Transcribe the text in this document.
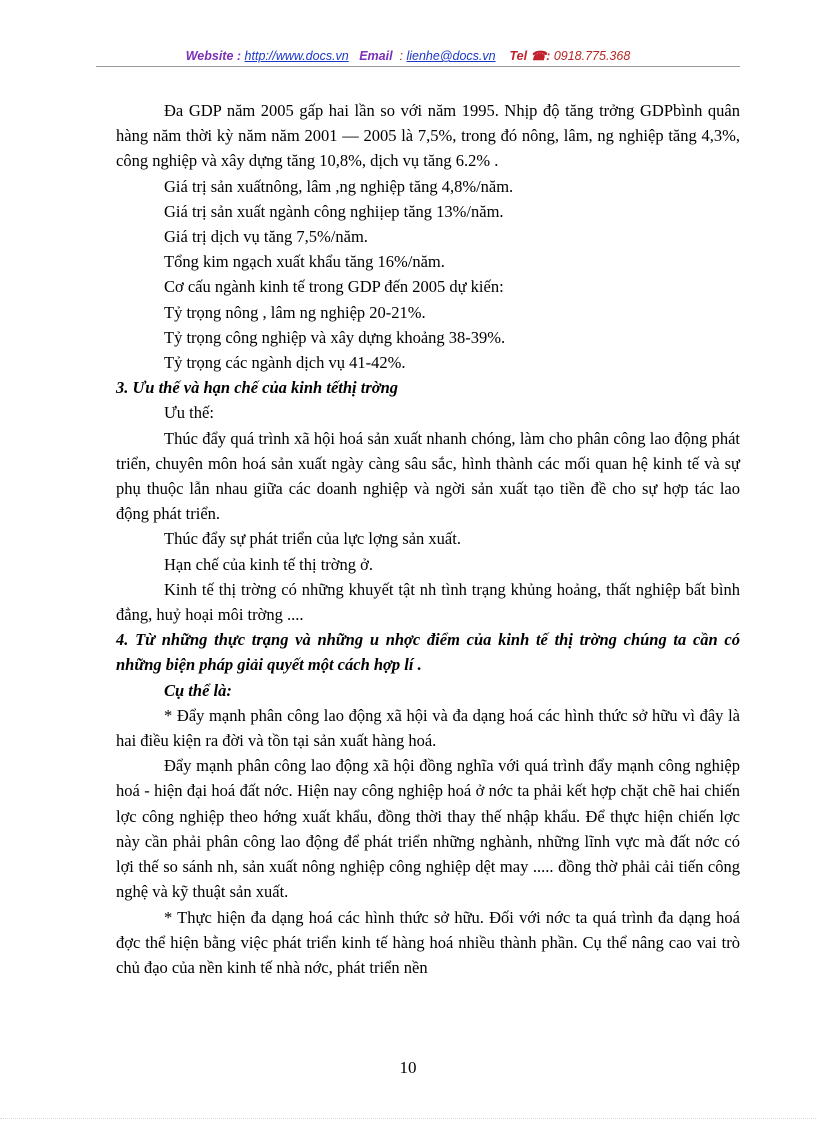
Website : http://www.docs.vn Email : lienhe@docs.vn Tel ☎: 0918.775.368

Đa GDP năm 2005 gấp hai lần so với năm 1995. Nhịp độ tăng trởng GDPbình quân hàng năm thời kỳ năm năm 2001 — 2005 là 7,5%, trong đó nông, lâm, ng nghiệp tăng 4,3%, công nghiệp và xây dựng tăng 10,8%, dịch vụ tăng 6.2% .

Giá trị sản xuấtnông, lâm ,ng nghiệp tăng 4,8%/năm.

Giá trị sản xuất ngành công nghiịep tăng 13%/năm.

Giá trị dịch vụ tăng 7,5%/năm.

Tổng kim ngạch xuất khẩu tăng 16%/năm.

Cơ cấu ngành kinh tế trong GDP đến 2005 dự kiến:

Tỷ trọng nông , lâm ng nghiệp 20-21%.

Tỷ trọng công nghiệp và xây dựng khoảng 38-39%.

Tỷ trọng các ngành dịch vụ 41-42%.

3. Ưu thế và hạn chế của kinh tếthị trờng

Ưu thế:

Thúc đẩy quá trình xã hội hoá sản xuất nhanh chóng, làm cho phân công lao động phát triển, chuyên môn hoá sản xuất ngày càng sâu sắc, hình thành các mối quan hệ kinh tế và sự phụ thuộc lẫn nhau giữa các doanh nghiệp và ngời sản xuất tạo tiền đề cho sự hợp tác lao động phát triển.

Thúc đẩy sự phát triển của lực lợng sản xuất.

Hạn chế của kinh tế thị trờng ở.

Kinh tế thị trờng có những khuyết tật nh tình trạng khủng hoảng, thất nghiệp bất bình đẳng, huỷ hoại môi trờng ....

4. Từ những thực trạng và những u nhợc điểm của kinh tế thị trờng chúng ta cần có những biện pháp giải quyết một cách hợp lí .

Cụ thể là:

* Đẩy mạnh phân công lao động xã hội và đa dạng hoá các hình thức sở hữu vì đây là hai điều kiện ra đời và tồn tại sản xuất hàng hoá.

Đẩy mạnh phân công lao động xã hội đồng nghĩa với quá trình đẩy mạnh công nghiệp hoá - hiện đại hoá đất nớc. Hiện nay công nghiệp hoá ở nớc ta phải kết hợp chặt chẽ hai chiến lợc công nghiệp theo hớng xuất khẩu, đồng thời thay thế nhập khẩu. Để thực hiện chiến lợc này cần phải phân công lao động để phát triển những nghành, những lĩnh vực mà đất nớc có lợi thế so sánh nh, sản xuất nông nghiệp công nghiệp dệt may ..... đồng thờ phải cải tiến công nghệ và kỹ thuật sản xuất.

* Thực hiện đa dạng hoá các hình thức sở hữu. Đối với nớc ta quá trình đa dạng hoá đợc thể hiện bằng việc phát triển kinh tế hàng hoá nhiều thành phần. Cụ thể nâng cao vai trò chủ đạo của nền kinh tế nhà nớc, phát triển nền

10
